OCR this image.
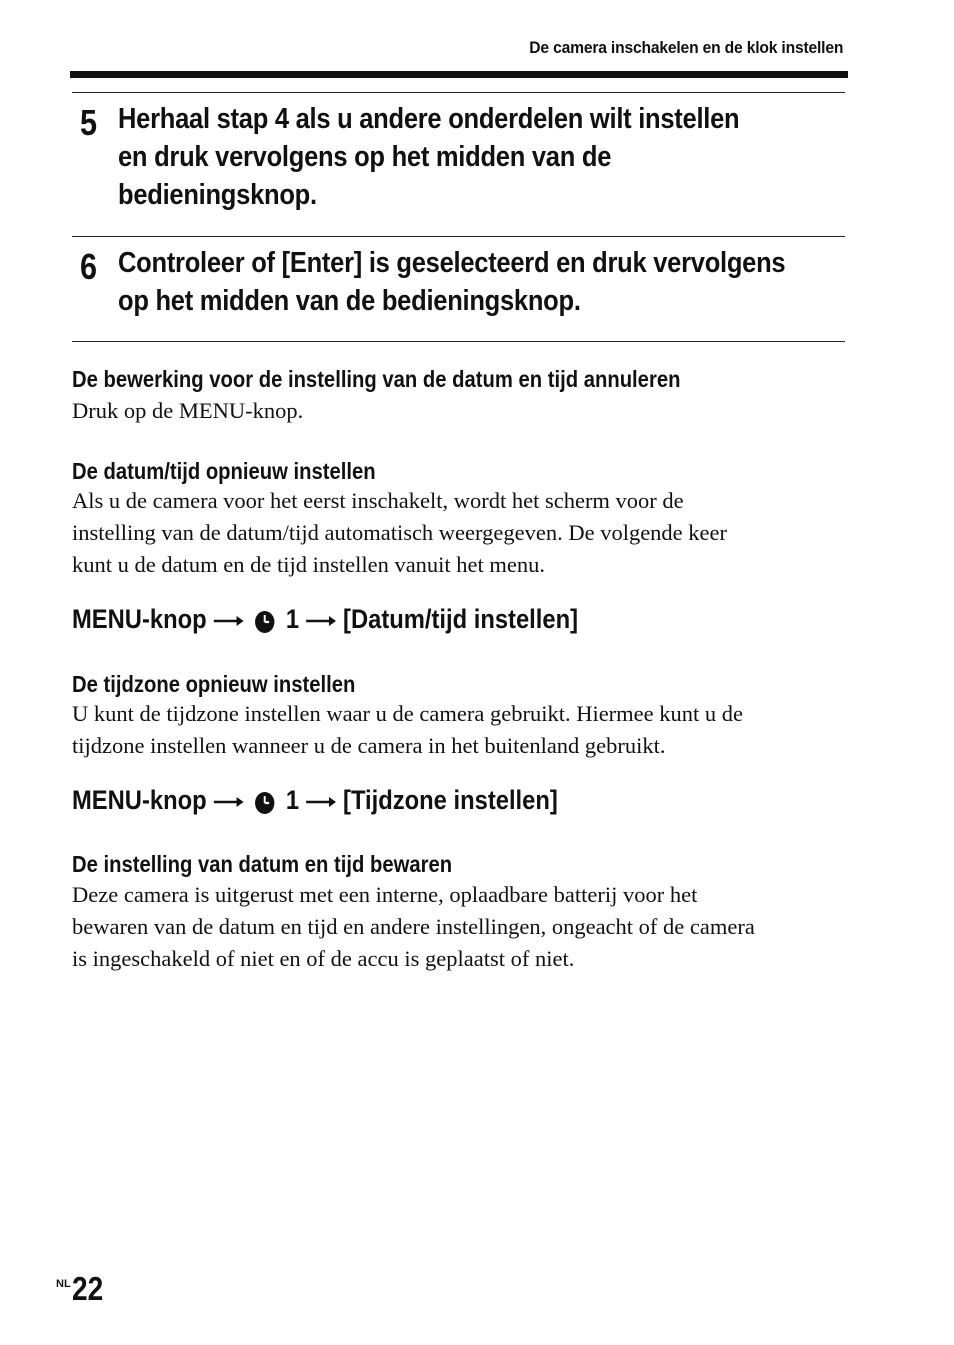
De camera inschakelen en de klok instellen
5 Herhaal stap 4 als u andere onderdelen wilt instellen
en druk vervolgens op het midden van de
bedieningsknop.
6 Controleer of [Enter] is geselecteerd en druk vervolgens
op het midden van de bedieningsknop.
De bewerking voor de instelling van de datum en tijd annuleren
Druk op de MENU-knop.
De datum/tijd opnieuw instellen
Als u de camera voor het eerst inschakelt, wordt het scherm voor de
instelling van de datum/tijd automatisch weergegeven. De volgende keer
kunt u de datum en de tijd instellen vanuit het menu.
MENU-knop	1 [Datum/tijd instellen]
De tijdzone opnieuw instellen
U kunt de tijdzone instellen waar u de camera gebruikt. Hiermee kunt u de
tijdzone instellen wanneer u de camera in het buitenland gebruikt.
MENU-knop	1 [Tijdzone instellen]
De instelling van datum en tijd bewaren
Deze camera is uitgerust met een interne, oplaadbare batterij voor het
bewaren van de datum en tijd en andere instellingen, ongeacht of de camera
is ingeschakeld of niet en of de accu is geplaatst of niet.
$^{NL}$22
